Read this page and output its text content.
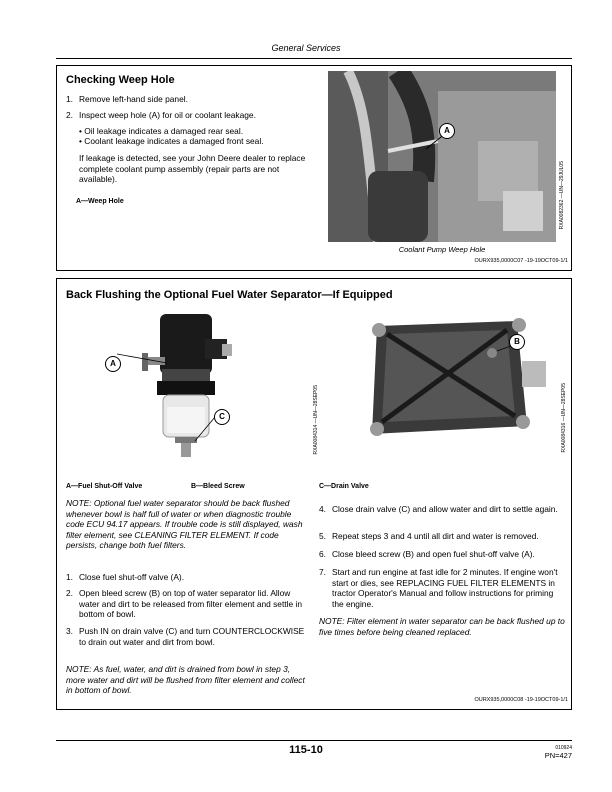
General Services
Checking Weep Hole
1. Remove left-hand side panel.
2. Inspect weep hole (A) for oil or coolant leakage.
• Oil leakage indicates a damaged rear seal.
• Coolant leakage indicates a damaged front seal.
If leakage is detected, see your John Deere dealer to replace complete coolant pump assembly (repair parts are not available).
A—Weep Hole
A
RXA0082362 —UN—29JUL05
Coolant Pump Weep Hole
OURX935,0000C07 -19-19OCT09-1/1
Back Flushing the Optional Fuel Water Separator—If Equipped
A
C	RXA0084314 —UN—28SEP05
B
RXA0084316 —UN—28SEP05
A—Fuel Shut-Off Valve	B—Bleed Screw	C—Drain Valve
NOTE: Optional fuel water separator should be back flushed whenever bowl is half full of water or when diagnostic trouble code ECU 94.17 appears. If trouble code is still displayed, wash filter element, see CLEANING FILTER ELEMENT. If code persists, change both fuel filters.
1. Close fuel shut-off valve (A).
2. Open bleed screw (B) on top of water separator lid. Allow water and dirt to be released from filter element and settle in bottom of bowl.
3. Push IN on drain valve (C) and turn COUNTERCLOCKWISE to drain out water and dirt from bowl.
NOTE: As fuel, water, and dirt is drained from bowl in step 3, more water and dirt will be flushed from filter element and collect in bottom of bowl.
4. Close drain valve (C) and allow water and dirt to settle again.
5. Repeat steps 3 and 4 until all dirt and water is removed.
6. Close bleed screw (B) and open fuel shut-off valve (A).
7. Start and run engine at fast idle for 2 minutes. If engine won't start or dies, see REPLACING FUEL FILTER ELEMENTS in tractor Operator's Manual and follow instructions for priming the engine.
NOTE: Filter element in water separator can be back flushed up to five times before being cleaned replaced.
OURX935,0000C08 -19-19OCT09-1/1
115-10	010924
PN=427
